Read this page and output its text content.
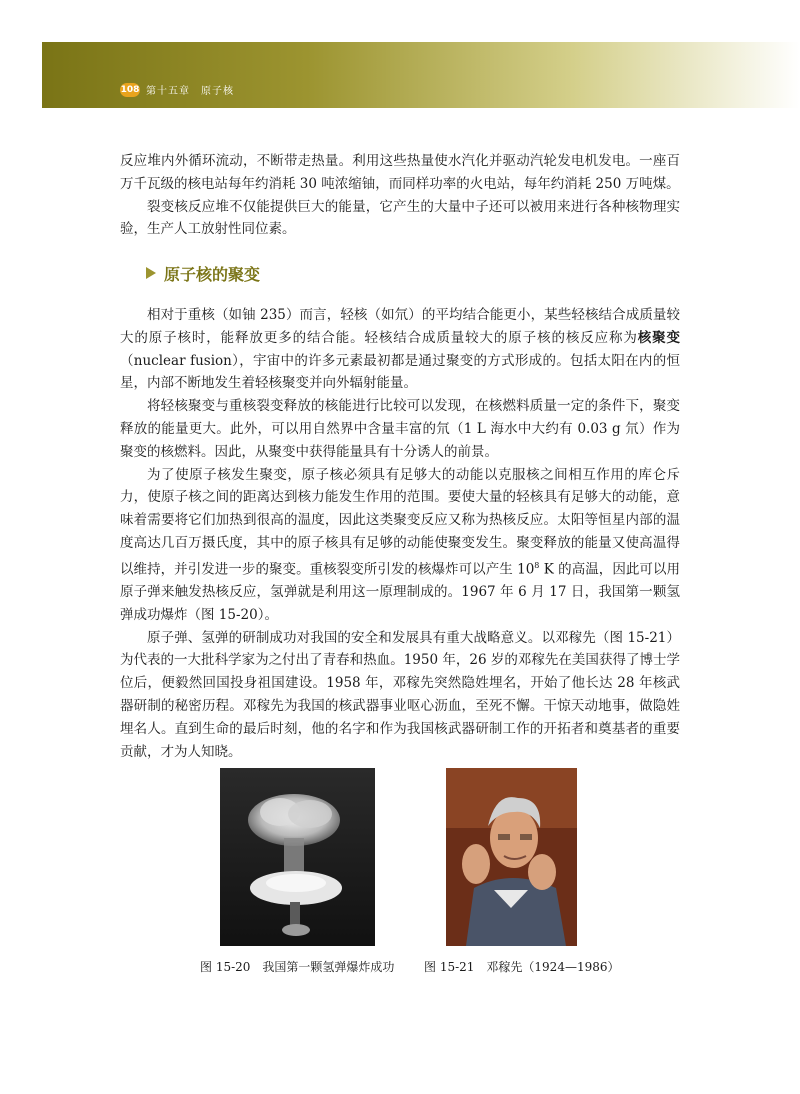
108 第十五章　原子核

反应堆内外循环流动，不断带走热量。利用这些热量使水汽化并驱动汽轮发电机发电。一座百万千瓦级的核电站每年约消耗 30 吨浓缩铀，而同样功率的火电站，每年约消耗 250 万吨煤。

裂变核反应堆不仅能提供巨大的能量，它产生的大量中子还可以被用来进行各种核物理实验，生产人工放射性同位素。

原子核的聚变

相对于重核（如铀 235）而言，轻核（如氘）的平均结合能更小，某些轻核结合成质量较大的原子核时，能释放更多的结合能。轻核结合成质量较大的原子核的核反应称为核聚变（nuclear fusion），宇宙中的许多元素最初都是通过聚变的方式形成的。包括太阳在内的恒星，内部不断地发生着轻核聚变并向外辐射能量。

将轻核聚变与重核裂变释放的核能进行比较可以发现，在核燃料质量一定的条件下，聚变释放的能量更大。此外，可以用自然界中含量丰富的氘（1 L 海水中大约有 0.03 g 氘）作为聚变的核燃料。因此，从聚变中获得能量具有十分诱人的前景。

为了使原子核发生聚变，原子核必须具有足够大的动能以克服核之间相互作用的库仑斥力，使原子核之间的距离达到核力能发生作用的范围。要使大量的轻核具有足够大的动能，意味着需要将它们加热到很高的温度，因此这类聚变反应又称为热核反应。太阳等恒星内部的温度高达几百万摄氏度，其中的原子核具有足够的动能使聚变发生。聚变释放的能量又使高温得以维持，并引发进一步的聚变。重核裂变所引发的核爆炸可以产生 $10^8$ K 的高温，因此可以用原子弹来触发热核反应，氢弹就是利用这一原理制成的。1967 年 6 月 17 日，我国第一颗氢弹成功爆炸（图 15-20）。

原子弹、氢弹的研制成功对我国的安全和发展具有重大战略意义。以邓稼先（图 15-21）为代表的一大批科学家为之付出了青春和热血。1950 年，26 岁的邓稼先在美国获得了博士学位后，便毅然回国投身祖国建设。1958 年，邓稼先突然隐姓埋名，开始了他长达 28 年核武器研制的秘密历程。邓稼先为我国的核武器事业呕心沥血，至死不懈。干惊天动地事，做隐姓埋名人。直到生命的最后时刻，他的名字和作为我国核武器研制工作的开拓者和奠基者的重要贡献，才为人知晓。

图 15-20　我国第一颗氢弹爆炸成功 图 15-21　邓稼先（1924—1986）
